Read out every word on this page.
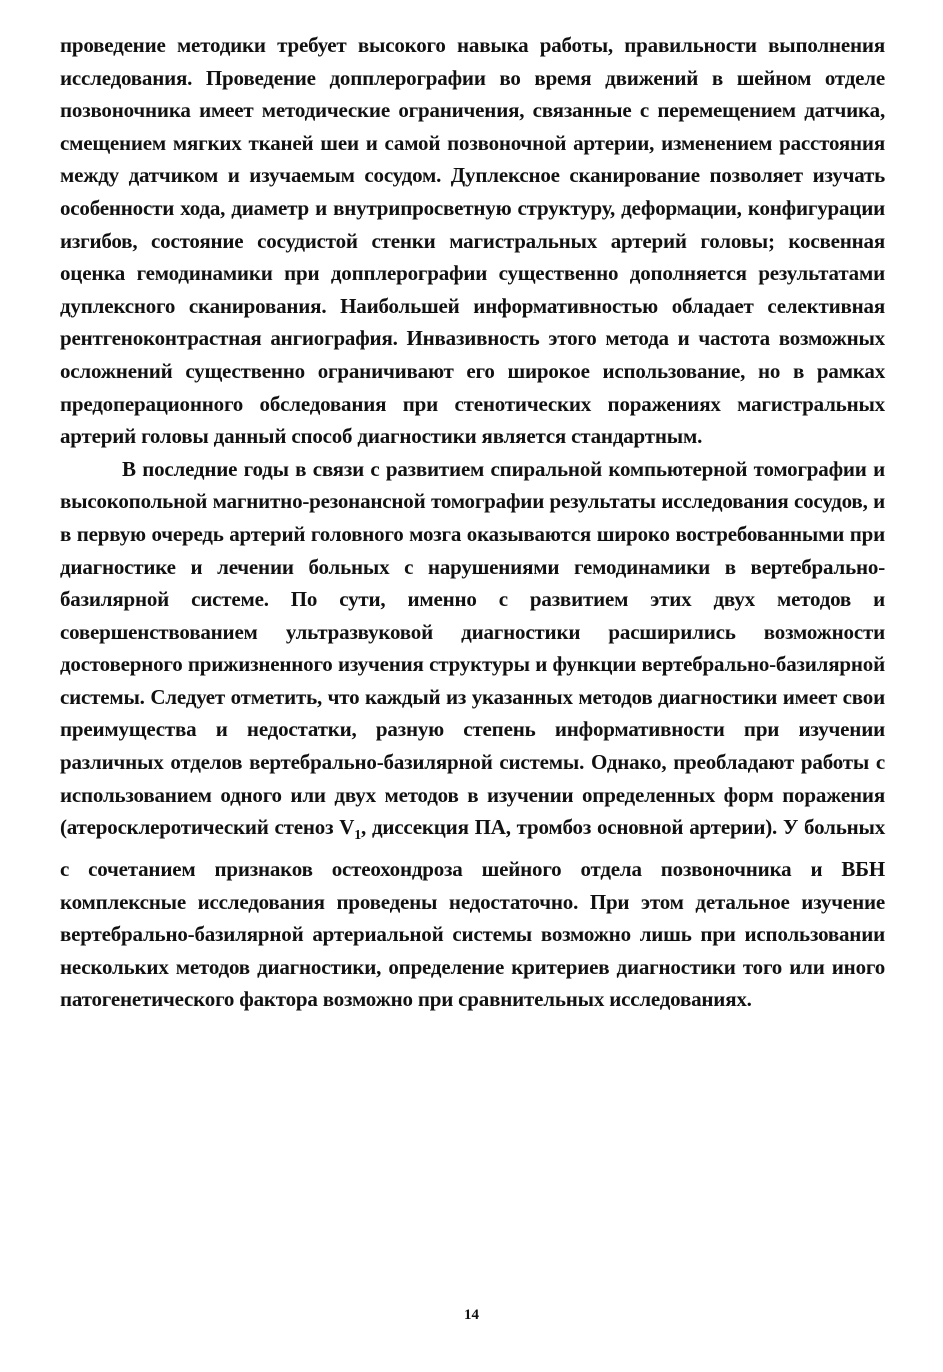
проведение методики требует высокого навыка работы, правильности выполнения исследования. Проведение допплерографии во время движений в шейном отделе позвоночника имеет методические ограничения, связанные с перемещением датчика, смещением мягких тканей шеи и самой позвоночной артерии, изменением расстояния между датчиком и изучаемым сосудом. Дуплексное сканирование позволяет изучать особенности хода, диаметр и внутрипросветную структуру, деформации, конфигурации изгибов, состояние сосудистой стенки магистральных артерий головы; косвенная оценка гемодинамики при допплерографии существенно дополняется результатами дуплексного сканирования. Наибольшей информативностью обладает селективная рентгеноконтрастная ангиография. Инвазивность этого метода и частота возможных осложнений существенно ограничивают его широкое использование, но в рамках предоперационного обследования при стенотических поражениях магистральных артерий головы данный способ диагностики является стандартным.

В последние годы в связи с развитием спиральной компьютерной томографии и высокопольной магнитно-резонансной томографии результаты исследования сосудов, и в первую очередь артерий головного мозга оказываются широко востребованными при диагностике и лечении больных с нарушениями гемодинамики в вертебрально-базилярной системе. По сути, именно с развитием этих двух методов и совершенствованием ультразвуковой диагностики расширились возможности достоверного прижизненного изучения структуры и функции вертебрально-базилярной системы. Следует отметить, что каждый из указанных методов диагностики имеет свои преимущества и недостатки, разную степень информативности при изучении различных отделов вертебрально-базилярной системы. Однако, преобладают работы с использованием одного или двух методов в изучении определенных форм поражения (атеросклеротический стеноз $V_1$, диссекция ПА, тромбоз основной артерии). У больных с сочетанием признаков остеохондроза шейного отдела позвоночника и ВБН комплексные исследования проведены недостаточно. При этом детальное изучение вертебрально-базилярной артериальной системы возможно лишь при использовании нескольких методов диагностики, определение критериев диагностики того или иного патогенетического фактора возможно при сравнительных исследованиях.

14
